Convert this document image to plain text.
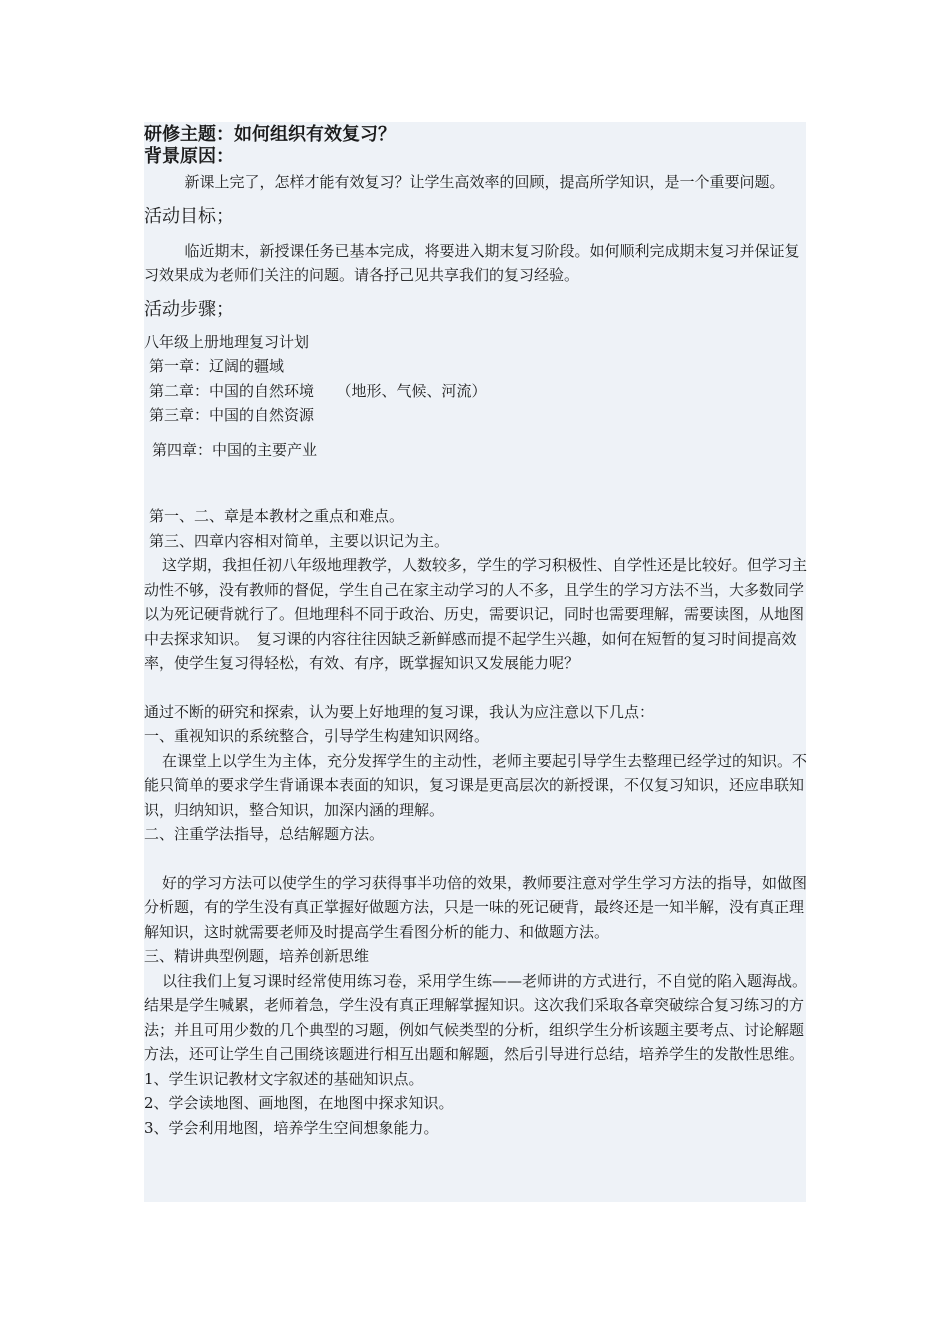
研修主题：如何组织有效复习？

背景原因：

新课上完了，怎样才能有效复习？让学生高效率的回顾，提高所学知识，是一个重要问题。

活动目标；

临近期末，新授课任务已基本完成，将要进入期末复习阶段。如何顺利完成期末复习并保证复习效果成为老师们关注的问题。请各抒己见共享我们的复习经验。

活动步骤；

八年级上册地理复习计划

第一章：辽阔的疆域

第二章：中国的自然环境　　（地形、气候、河流）

第三章：中国的自然资源

第四章：中国的主要产业

第一、二、章是本教材之重点和难点。

第三、四章内容相对简单，主要以识记为主。

这学期，我担任初八年级地理教学，人数较多，学生的学习积极性、自学性还是比较好。但学习主动性不够，没有教师的督促，学生自己在家主动学习的人不多，且学生的学习方法不当，大多数同学以为死记硬背就行了。但地理科不同于政治、历史，需要识记，同时也需要理解，需要读图，从地图中去探求知识。　复习课的内容往往因缺乏新鲜感而提不起学生兴趣，如何在短暂的复习时间提高效率，使学生复习得轻松，有效、有序，既掌握知识又发展能力呢？

通过不断的研究和探索，认为要上好地理的复习课，我认为应注意以下几点：

一、重视知识的系统整合，引导学生构建知识网络。

在课堂上以学生为主体，充分发挥学生的主动性，老师主要起引导学生去整理已经学过的知识。不能只简单的要求学生背诵课本表面的知识，复习课是更高层次的新授课，不仅复习知识，还应串联知识，归纳知识，整合知识，加深内涵的理解。

二、注重学法指导，总结解题方法。

好的学习方法可以使学生的学习获得事半功倍的效果，教师要注意对学生学习方法的指导，如做图分析题，有的学生没有真正掌握好做题方法，只是一味的死记硬背，最终还是一知半解，没有真正理解知识，这时就需要老师及时提高学生看图分析的能力、和做题方法。

三、精讲典型例题，培养创新思维

以往我们上复习课时经常使用练习卷，采用学生练——老师讲的方式进行，不自觉的陷入题海战。结果是学生喊累，老师着急，学生没有真正理解掌握知识。这次我们采取各章突破综合复习练习的方法；并且可用少数的几个典型的习题，例如气候类型的分析，组织学生分析该题主要考点、讨论解题方法，还可让学生自己围绕该题进行相互出题和解题，然后引导进行总结，培养学生的发散性思维。

1、学生识记教材文字叙述的基础知识点。

2、学会读地图、画地图，在地图中探求知识。

3、学会利用地图，培养学生空间想象能力。
